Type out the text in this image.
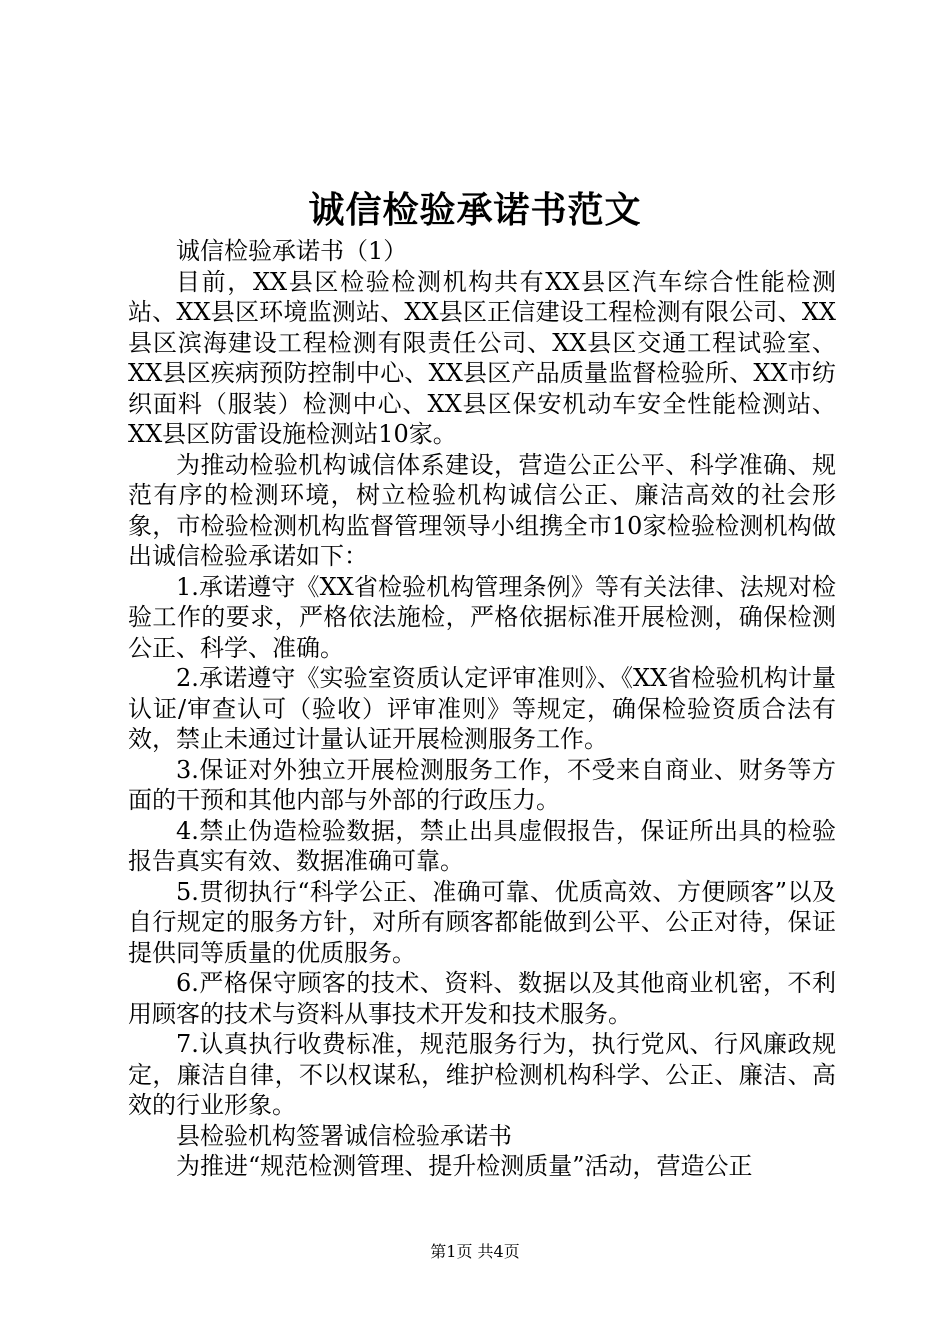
诚信检验承诺书范文

诚信检验承诺书（1）

目前，XX县区检验检测机构共有XX县区汽车综合性能检测站、XX县区环境监测站、XX县区正信建设工程检测有限公司、XX县区滨海建设工程检测有限责任公司、XX县区交通工程试验室、XX县区疾病预防控制中心、XX县区产品质量监督检验所、XX市纺织面料（服装）检测中心、XX县区保安机动车安全性能检测站、XX县区防雷设施检测站10家。

为推动检验机构诚信体系建设，营造公正公平、科学准确、规范有序的检测环境，树立检验机构诚信公正、廉洁高效的社会形象，市检验检测机构监督管理领导小组携全市10家检验检测机构做出诚信检验承诺如下：

1.承诺遵守《XX省检验机构管理条例》等有关法律、法规对检验工作的要求，严格依法施检，严格依据标准开展检测，确保检测公正、科学、准确。

2.承诺遵守《实验室资质认定评审准则》、《XX省检验机构计量认证/审查认可（验收）评审准则》等规定，确保检验资质合法有效，禁止未通过计量认证开展检测服务工作。

3.保证对外独立开展检测服务工作，不受来自商业、财务等方面的干预和其他内部与外部的行政压力。

4.禁止伪造检验数据，禁止出具虚假报告，保证所出具的检验报告真实有效、数据准确可靠。

5.贯彻执行“科学公正、准确可靠、优质高效、方便顾客”以及自行规定的服务方针，对所有顾客都能做到公平、公正对待，保证提供同等质量的优质服务。

6.严格保守顾客的技术、资料、数据以及其他商业机密，不利用顾客的技术与资料从事技术开发和技术服务。

7.认真执行收费标准，规范服务行为，执行党风、行风廉政规定，廉洁自律，不以权谋私，维护检测机构科学、公正、廉洁、高效的行业形象。

县检验机构签署诚信检验承诺书

为推进“规范检测管理、提升检测质量”活动，营造公正

第1页 共4页
